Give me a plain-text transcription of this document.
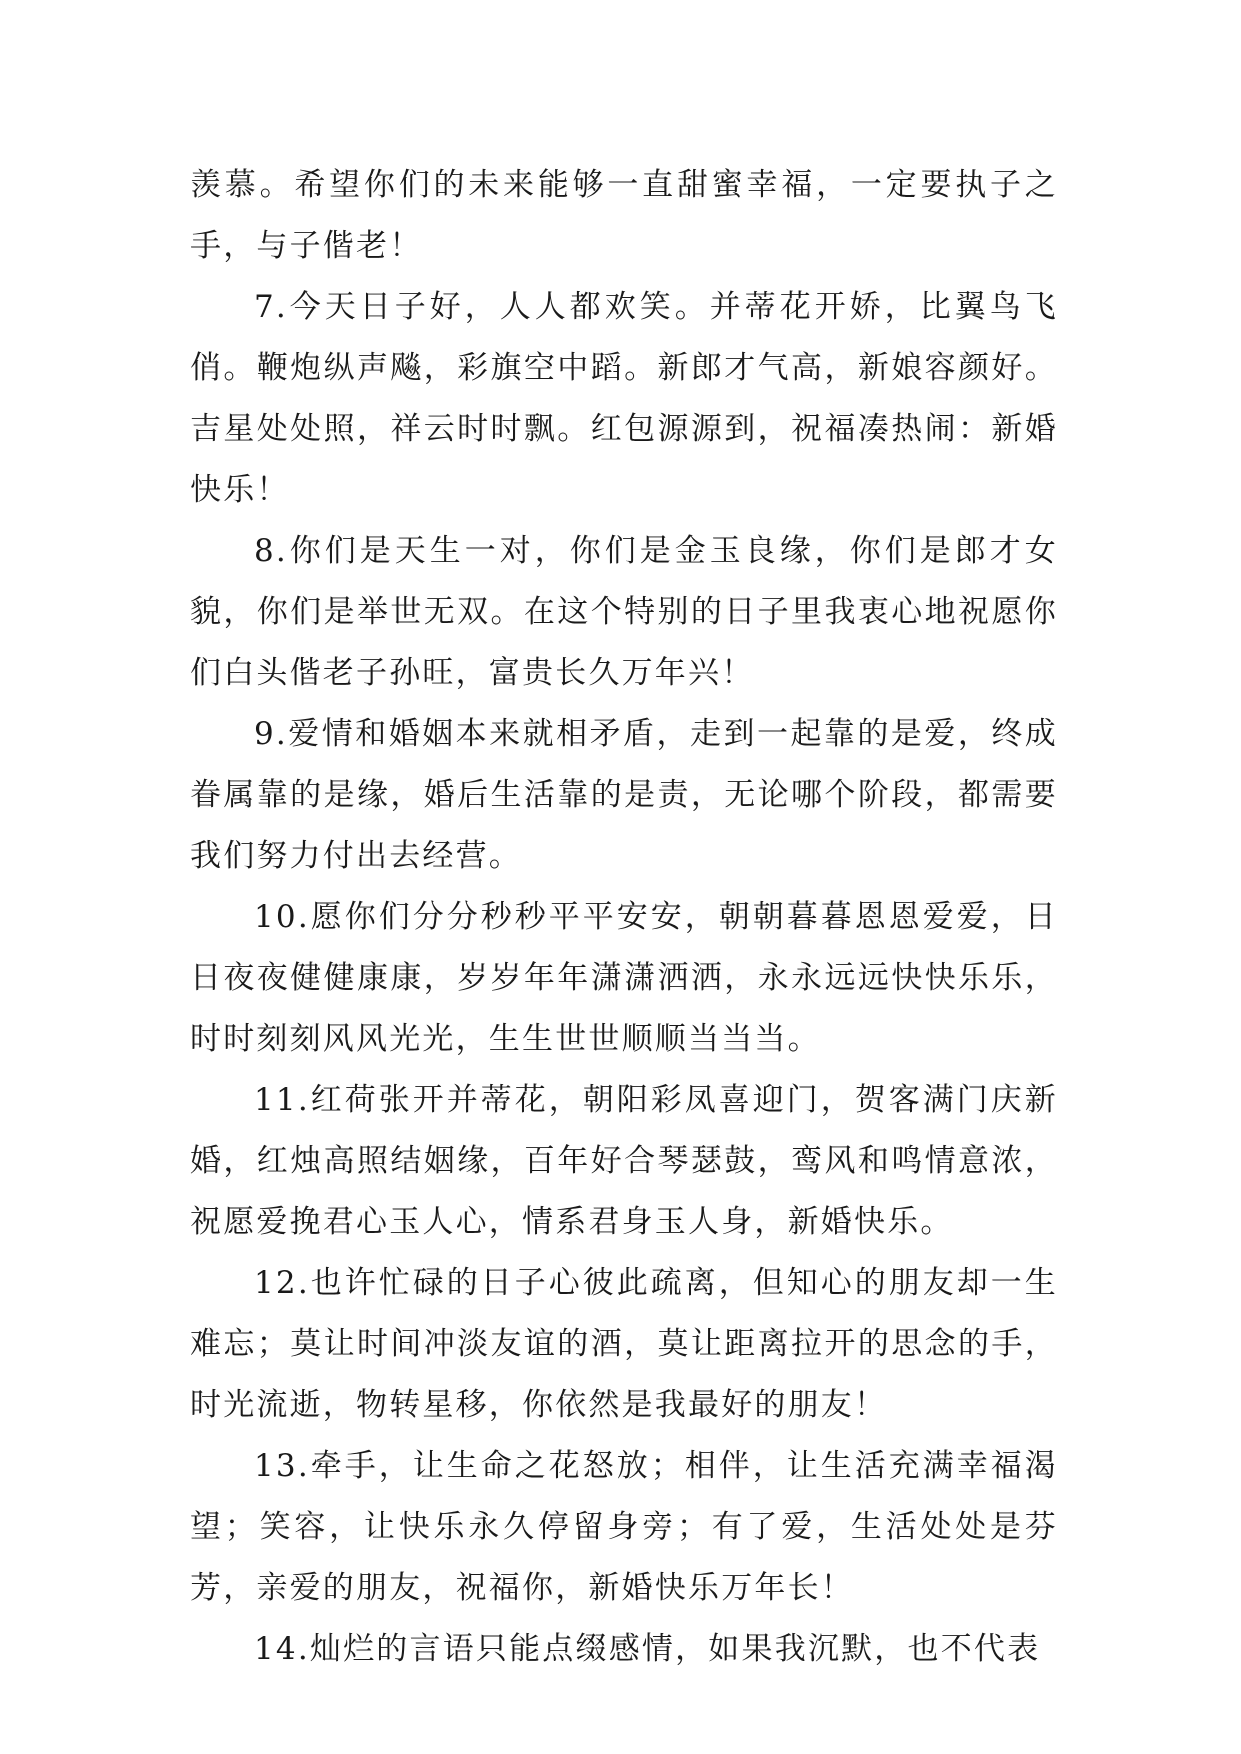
羡慕。希望你们的未来能够一直甜蜜幸福，一定要执子之手，与子偕老！

7.今天日子好，人人都欢笑。并蒂花开娇，比翼鸟飞俏。鞭炮纵声飚，彩旗空中蹈。新郎才气高，新娘容颜好。吉星处处照，祥云时时飘。红包源源到，祝福凑热闹：新婚快乐！

8.你们是天生一对，你们是金玉良缘，你们是郎才女貌，你们是举世无双。在这个特别的日子里我衷心地祝愿你们白头偕老子孙旺，富贵长久万年兴！

9.爱情和婚姻本来就相矛盾，走到一起靠的是爱，终成眷属靠的是缘，婚后生活靠的是责，无论哪个阶段，都需要我们努力付出去经营。

10.愿你们分分秒秒平平安安，朝朝暮暮恩恩爱爱，日日夜夜健健康康，岁岁年年潇潇洒洒，永永远远快快乐乐，时时刻刻风风光光，生生世世顺顺当当当。

11.红荷张开并蒂花，朝阳彩凤喜迎门，贺客满门庆新婚，红烛高照结姻缘，百年好合琴瑟鼓，鸾风和鸣情意浓，祝愿爱挽君心玉人心，情系君身玉人身，新婚快乐。

12.也许忙碌的日子心彼此疏离，但知心的朋友却一生难忘；莫让时间冲淡友谊的酒，莫让距离拉开的思念的手，时光流逝，物转星移，你依然是我最好的朋友！

13.牵手，让生命之花怒放；相伴，让生活充满幸福渴望；笑容，让快乐永久停留身旁；有了爱，生活处处是芬芳，亲爱的朋友，祝福你，新婚快乐万年长！

14.灿烂的言语只能点缀感情，如果我沉默，也不代表
